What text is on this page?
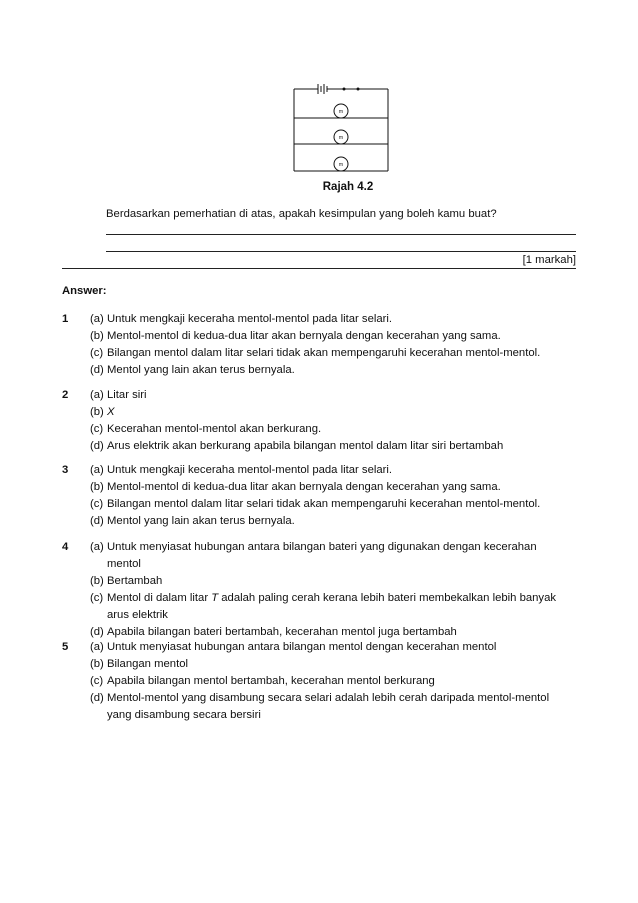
m
m
m
Rajah 4.2
Berdasarkan pemerhatian di atas, apakah kesimpulan yang boleh kamu buat?
[1 markah]
Answer:
1 (a) Untuk mengkaji keceraha mentol-mentol pada litar selari.
(b) Mentol-mentol di kedua-dua litar akan bernyala dengan kecerahan yang sama.
(c) Bilangan mentol dalam litar selari tidak akan mempengaruhi kecerahan mentol-mentol.
(d) Mentol yang lain akan terus bernyala.
2 (a) Litar siri
(b) X
(c) Kecerahan mentol-mentol akan berkurang.
(d) Arus elektrik akan berkurang apabila bilangan mentol dalam litar siri bertambah
3 (a) Untuk mengkaji keceraha mentol-mentol pada litar selari.
(b) Mentol-mentol di kedua-dua litar akan bernyala dengan kecerahan yang sama.
(c) Bilangan mentol dalam litar selari tidak akan mempengaruhi kecerahan mentol-mentol.
(d) Mentol yang lain akan terus bernyala.
4 (a) Untuk menyiasat hubungan antara bilangan bateri yang digunakan dengan kecerahan
mentol
(b) Bertambah
(c) Mentol di dalam litar T adalah paling cerah kerana lebih bateri membekalkan lebih banyak
arus elektrik
(d) Apabila bilangan bateri bertambah, kecerahan mentol juga bertambah
5 (a) Untuk menyiasat hubungan antara bilangan mentol dengan kecerahan mentol
(b) Bilangan mentol
(c) Apabila bilangan mentol bertambah, kecerahan mentol berkurang
(d) Mentol-mentol yang disambung secara selari adalah lebih cerah daripada mentol-mentol
yang disambung secara bersiri
